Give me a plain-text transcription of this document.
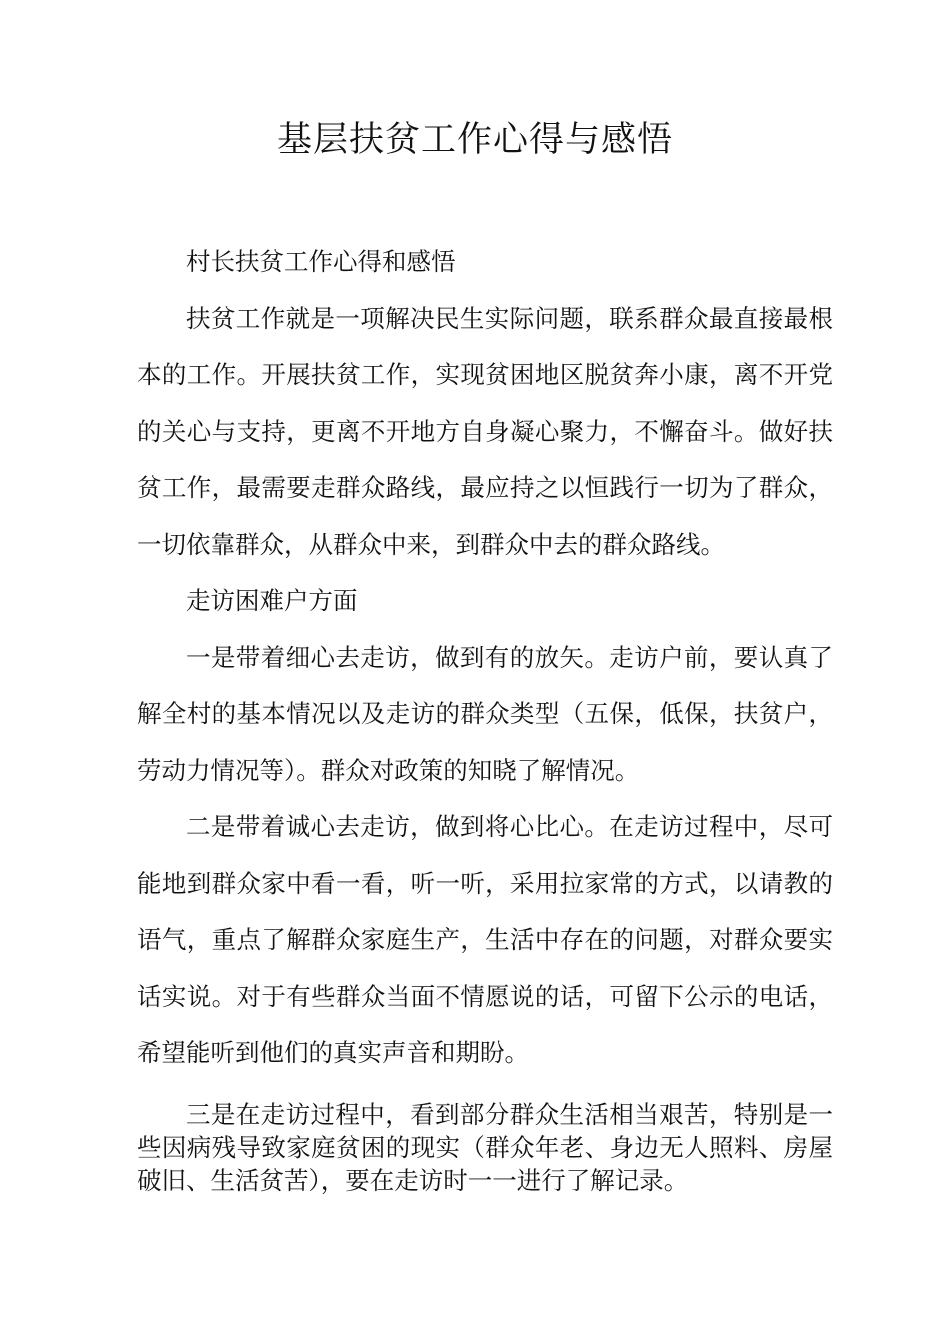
基层扶贫工作心得与感悟

村长扶贫工作心得和感悟

扶贫工作就是一项解决民生实际问题，联系群众最直接最根本的工作。开展扶贫工作，实现贫困地区脱贫奔小康，离不开党的关心与支持，更离不开地方自身凝心聚力，不懈奋斗。做好扶贫工作，最需要走群众路线，最应持之以恒践行一切为了群众，一切依靠群众，从群众中来，到群众中去的群众路线。

走访困难户方面

一是带着细心去走访，做到有的放矢。走访户前，要认真了解全村的基本情况以及走访的群众类型（五保，低保，扶贫户，劳动力情况等）。群众对政策的知晓了解情况。

二是带着诚心去走访，做到将心比心。在走访过程中，尽可能地到群众家中看一看，听一听，采用拉家常的方式，以请教的语气，重点了解群众家庭生产，生活中存在的问题，对群众要实话实说。对于有些群众当面不情愿说的话，可留下公示的电话，希望能听到他们的真实声音和期盼。

三是在走访过程中，看到部分群众生活相当艰苦，特别是一些因病残导致家庭贫困的现实（群众年老、身边无人照料、房屋破旧、生活贫苦），要在走访时一一进行了解记录。
